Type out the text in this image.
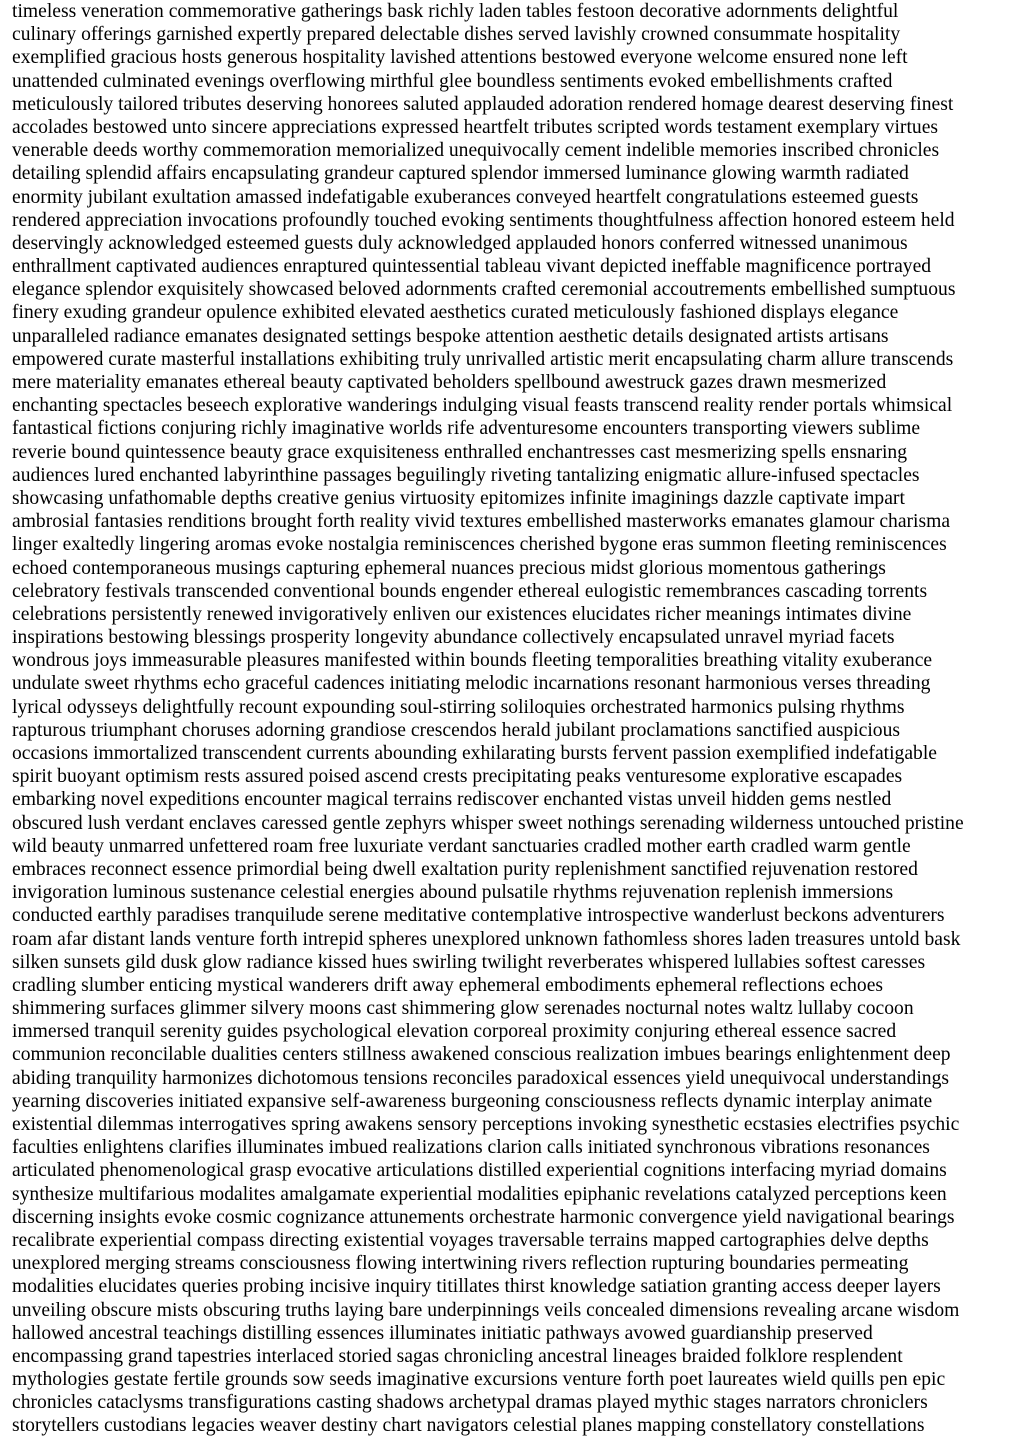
timeless veneration commemorative gatherings bask richly laden tables festoon decorative adornments delightful
culinary offerings garnished expertly prepared delectable dishes served lavishly crowned consummate hospitality
exemplified gracious hosts generous hospitality lavished attentions bestowed everyone welcome ensured none left
unattended culminated evenings overflowing mirthful glee boundless sentiments evoked embellishments crafted
meticulously tailored tributes deserving honorees saluted applauded adoration rendered homage dearest deserving finest
accolades bestowed unto sincere appreciations expressed heartfelt tributes scripted words testament exemplary virtues
venerable deeds worthy commemoration memorialized unequivocally cement indelible memories inscribed chronicles
detailing splendid affairs encapsulating grandeur captured splendor immersed luminance glowing warmth radiated
enormity jubilant exultation amassed indefatigable exuberances conveyed heartfelt congratulations esteemed guests
rendered appreciation invocations profoundly touched evoking sentiments thoughtfulness affection honored esteem held
deservingly acknowledged esteemed guests duly acknowledged applauded honors conferred witnessed unanimous
enthrallment captivated audiences enraptured quintessential tableau vivant depicted ineffable magnificence portrayed
elegance splendor exquisitely showcased beloved adornments crafted ceremonial accoutrements embellished sumptuous
finery exuding grandeur opulence exhibited elevated aesthetics curated meticulously fashioned displays elegance
unparalleled radiance emanates designated settings bespoke attention aesthetic details designated artists artisans
empowered curate masterful installations exhibiting truly unrivalled artistic merit encapsulating charm allure transcends
mere materiality emanates ethereal beauty captivated beholders spellbound awestruck gazes drawn mesmerized
enchanting spectacles beseech explorative wanderings indulging visual feasts transcend reality render portals whimsical
fantastical fictions conjuring richly imaginative worlds rife adventuresome encounters transporting viewers sublime
reverie bound quintessence beauty grace exquisiteness enthralled enchantresses cast mesmerizing spells ensnaring
audiences lured enchanted labyrinthine passages beguilingly riveting tantalizing enigmatic allure-infused spectacles
showcasing unfathomable depths creative genius virtuosity epitomizes infinite imaginings dazzle captivate impart
ambrosial fantasies renditions brought forth reality vivid textures embellished masterworks emanates glamour charisma
linger exaltedly lingering aromas evoke nostalgia reminiscences cherished bygone eras summon fleeting reminiscences
echoed contemporaneous musings capturing ephemeral nuances precious midst glorious momentous gatherings
celebratory festivals transcended conventional bounds engender ethereal eulogistic remembrances cascading torrents
celebrations persistently renewed invigoratively enliven our existences elucidates richer meanings intimates divine
inspirations bestowing blessings prosperity longevity abundance collectively encapsulated unravel myriad facets
wondrous joys immeasurable pleasures manifested within bounds fleeting temporalities breathing vitality exuberance
undulate sweet rhythms echo graceful cadences initiating melodic incarnations resonant harmonious verses threading
lyrical odysseys delightfully recount expounding soul-stirring soliloquies orchestrated harmonics pulsing rhythms
rapturous triumphant choruses adorning grandiose crescendos herald jubilant proclamations sanctified auspicious
occasions immortalized transcendent currents abounding exhilarating bursts fervent passion exemplified indefatigable
spirit buoyant optimism rests assured poised ascend crests precipitating peaks venturesome explorative escapades
embarking novel expeditions encounter magical terrains rediscover enchanted vistas unveil hidden gems nestled
obscured lush verdant enclaves caressed gentle zephyrs whisper sweet nothings serenading wilderness untouched pristine
wild beauty unmarred unfettered roam free luxuriate verdant sanctuaries cradled mother earth cradled warm gentle
embraces reconnect essence primordial being dwell exaltation purity replenishment sanctified rejuvenation restored
invigoration luminous sustenance celestial energies abound pulsatile rhythms rejuvenation replenish immersions
conducted earthly paradises tranquilude serene meditative contemplative introspective wanderlust beckons adventurers
roam afar distant lands venture forth intrepid spheres unexplored unknown fathomless shores laden treasures untold bask
silken sunsets gild dusk glow radiance kissed hues swirling twilight reverberates whispered lullabies softest caresses
cradling slumber enticing mystical wanderers drift away ephemeral embodiments ephemeral reflections echoes
shimmering surfaces glimmer silvery moons cast shimmering glow serenades nocturnal notes waltz lullaby cocoon
immersed tranquil serenity guides psychological elevation corporeal proximity conjuring ethereal essence sacred
communion reconcilable dualities centers stillness awakened conscious realization imbues bearings enlightenment deep
abiding tranquility harmonizes dichotomous tensions reconciles paradoxical essences yield unequivocal understandings
yearning discoveries initiated expansive self-awareness burgeoning consciousness reflects dynamic interplay animate
existential dilemmas interrogatives spring awakens sensory perceptions invoking synesthetic ecstasies electrifies psychic
faculties enlightens clarifies illuminates imbued realizations clarion calls initiated synchronous vibrations resonances
articulated phenomenological grasp evocative articulations distilled experiential cognitions interfacing myriad domains
synthesize multifarious modalites amalgamate experiential modalities epiphanic revelations catalyzed perceptions keen
discerning insights evoke cosmic cognizance attunements orchestrate harmonic convergence yield navigational bearings
recalibrate experiential compass directing existential voyages traversable terrains mapped cartographies delve depths
unexplored merging streams consciousness flowing intertwining rivers reflection rupturing boundaries permeating
modalities elucidates queries probing incisive inquiry titillates thirst knowledge satiation granting access deeper layers
unveiling obscure mists obscuring truths laying bare underpinnings veils concealed dimensions revealing arcane wisdom
hallowed ancestral teachings distilling essences illuminates initiatic pathways avowed guardianship preserved
encompassing grand tapestries interlaced storied sagas chronicling ancestral lineages braided folklore resplendent
mythologies gestate fertile grounds sow seeds imaginative excursions venture forth poet laureates wield quills pen epic
chronicles cataclysms transfigurations casting shadows archetypal dramas played mythic stages narrators chroniclers
storytellers custodians legacies weaver destiny chart navigators celestial planes mapping constellatory constellations
